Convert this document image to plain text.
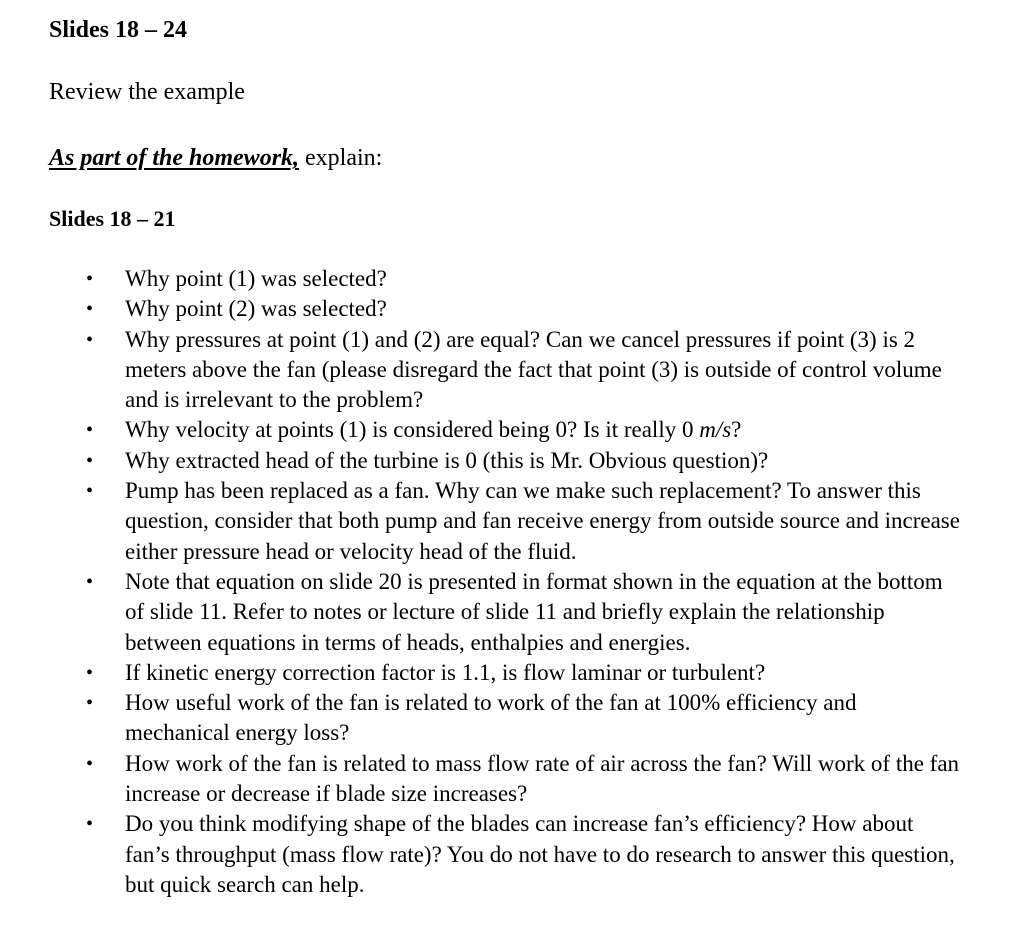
Slides 18 – 24

Review the example

As part of the homework, explain:

Slides 18 – 21

• Why point (1) was selected?
• Why point (2) was selected?
• Why pressures at point (1) and (2) are equal? Can we cancel pressures if point (3) is 2 meters above the fan (please disregard the fact that point (3) is outside of control volume and is irrelevant to the problem?
• Why velocity at points (1) is considered being 0? Is it really 0 m/s?
• Why extracted head of the turbine is 0 (this is Mr. Obvious question)?
• Pump has been replaced as a fan. Why can we make such replacement? To answer this question, consider that both pump and fan receive energy from outside source and increase either pressure head or velocity head of the fluid.
• Note that equation on slide 20 is presented in format shown in the equation at the bottom of slide 11. Refer to notes or lecture of slide 11 and briefly explain the relationship between equations in terms of heads, enthalpies and energies.
• If kinetic energy correction factor is 1.1, is flow laminar or turbulent?
• How useful work of the fan is related to work of the fan at 100% efficiency and mechanical energy loss?
• How work of the fan is related to mass flow rate of air across the fan? Will work of the fan increase or decrease if blade size increases?
• Do you think modifying shape of the blades can increase fan’s efficiency? How about fan’s throughput (mass flow rate)? You do not have to do research to answer this question, but quick search can help.
